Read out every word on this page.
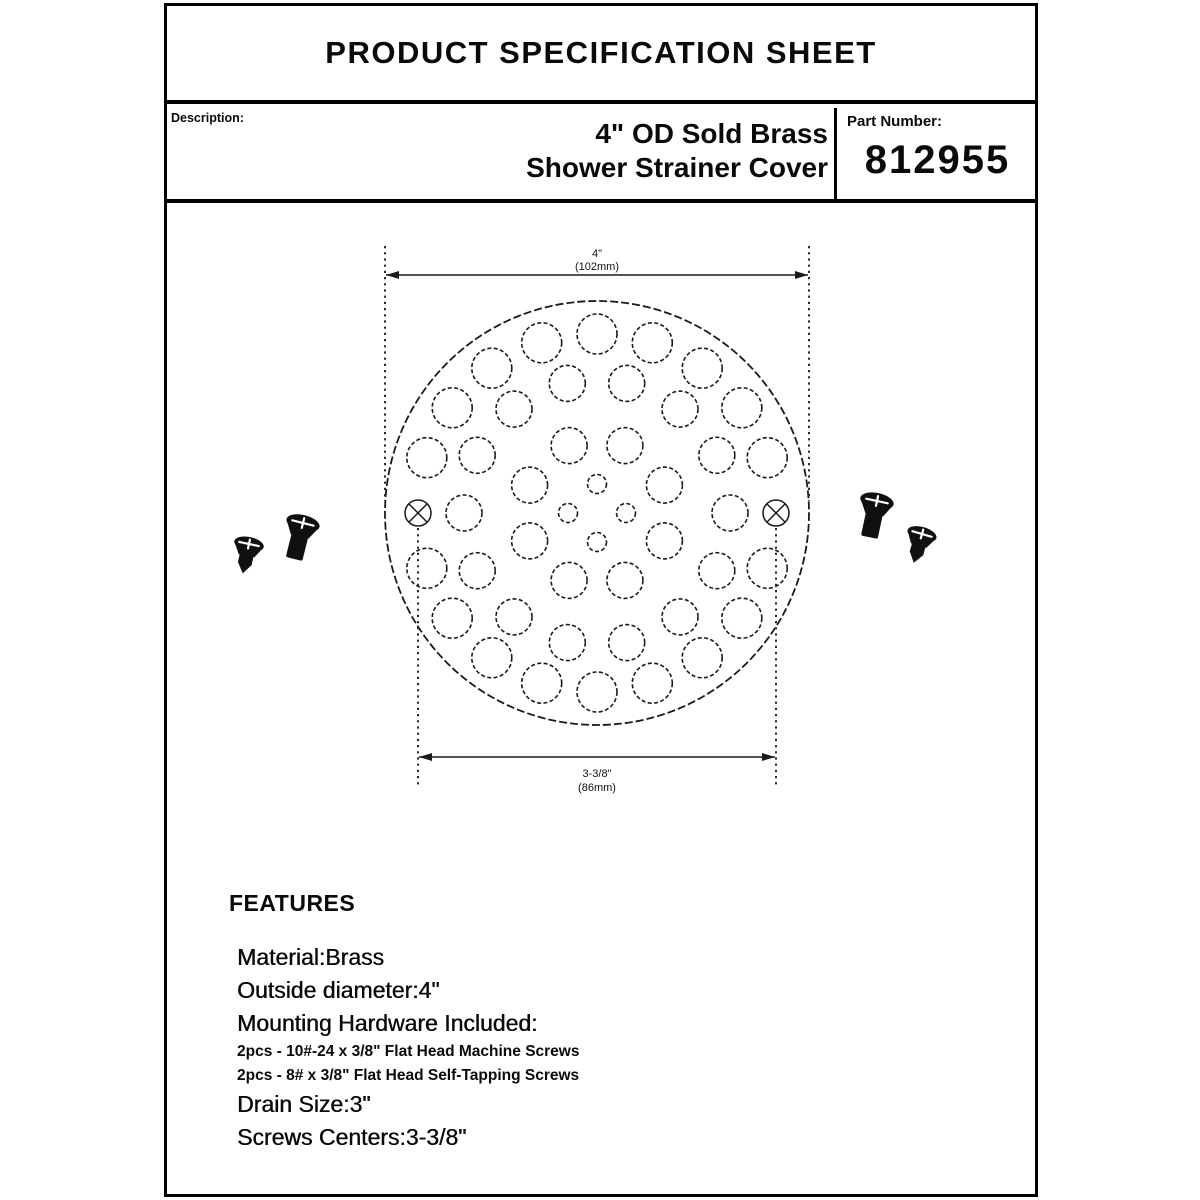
PRODUCT SPECIFICATION SHEET
Description:	4" OD Sold Brass
Shower Strainer Cover
Part Number:
812955
4"
(102mm)
3-3/8"
(86mm)
FEATURES
Material:Brass
Outside diameter:4"
Mounting Hardware Included:
2pcs - 10#-24 x 3/8" Flat Head Machine Screws
2pcs - 8# x 3/8" Flat Head Self-Tapping Screws
Drain Size:3"
Screws Centers:3-3/8"
